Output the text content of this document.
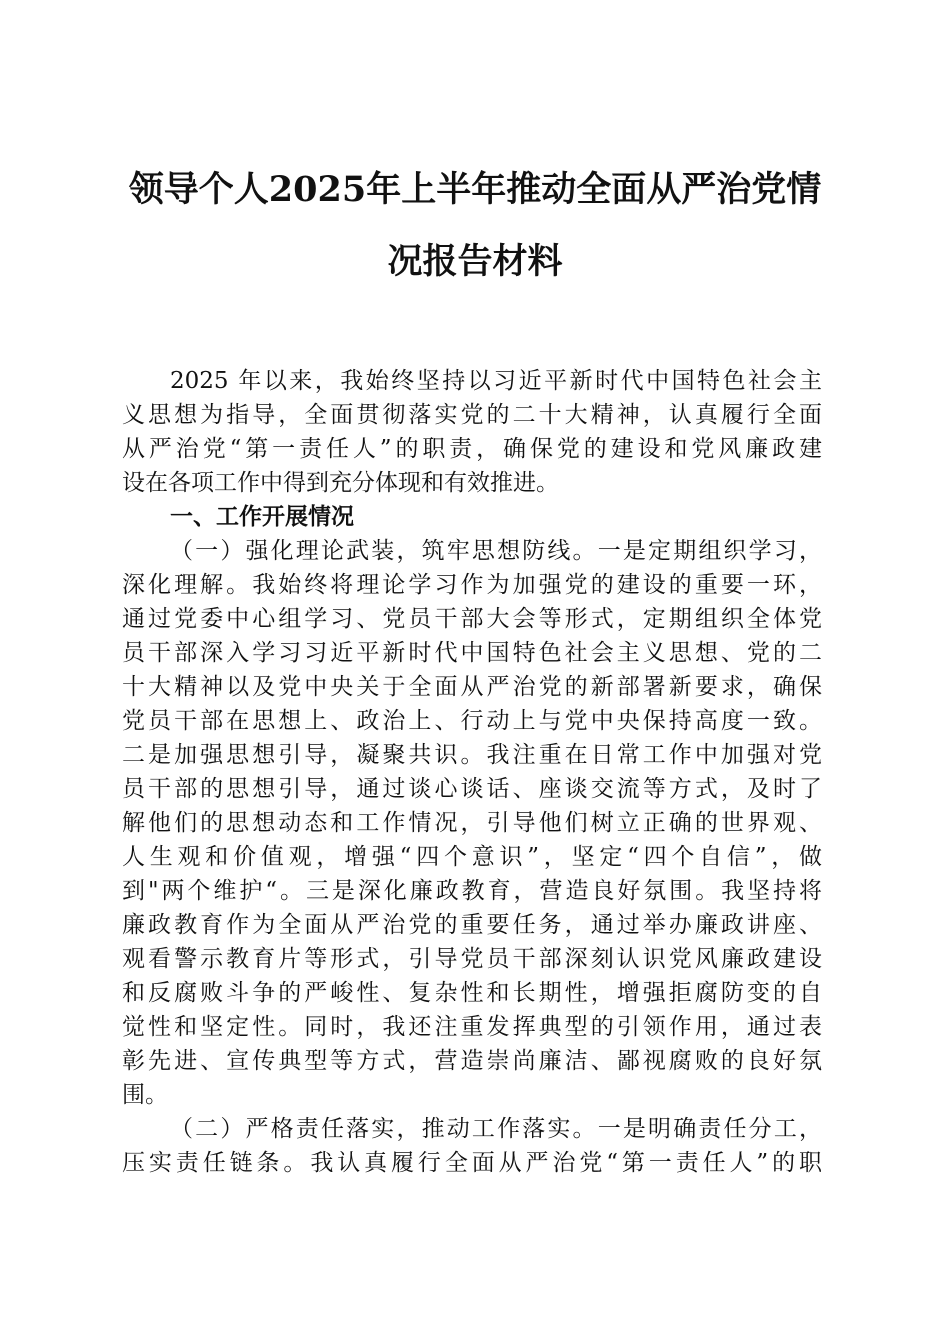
领导个人2025年上半年推动全面从严治党情
况报告材料
2025 年以来，我始终坚持以习近平新时代中国特色社会主
义思想为指导，全面贯彻落实党的二十大精神，认真履行全面
从严治党“第一责任人”的职责，确保党的建设和党风廉政建
设在各项工作中得到充分体现和有效推进。
一、工作开展情况
（一）强化理论武装，筑牢思想防线。一是定期组织学习，
深化理解。我始终将理论学习作为加强党的建设的重要一环，
通过党委中心组学习、党员干部大会等形式，定期组织全体党
员干部深入学习习近平新时代中国特色社会主义思想、党的二
十大精神以及党中央关于全面从严治党的新部署新要求，确保
党员干部在思想上、政治上、行动上与党中央保持高度一致。
二是加强思想引导，凝聚共识。我注重在日常工作中加强对党
员干部的思想引导，通过谈心谈话、座谈交流等方式，及时了
解他们的思想动态和工作情况，引导他们树立正确的世界观、
人生观和价值观，增强“四个意识”，坚定“四个自信”，做
到"两个维护“。三是深化廉政教育，营造良好氛围。我坚持将
廉政教育作为全面从严治党的重要任务，通过举办廉政讲座、
观看警示教育片等形式，引导党员干部深刻认识党风廉政建设
和反腐败斗争的严峻性、复杂性和长期性，增强拒腐防变的自
觉性和坚定性。同时，我还注重发挥典型的引领作用，通过表
彰先进、宣传典型等方式，营造崇尚廉洁、鄙视腐败的良好氛
围。
（二）严格责任落实，推动工作落实。一是明确责任分工，
压实责任链条。我认真履行全面从严治党“第一责任人”的职
